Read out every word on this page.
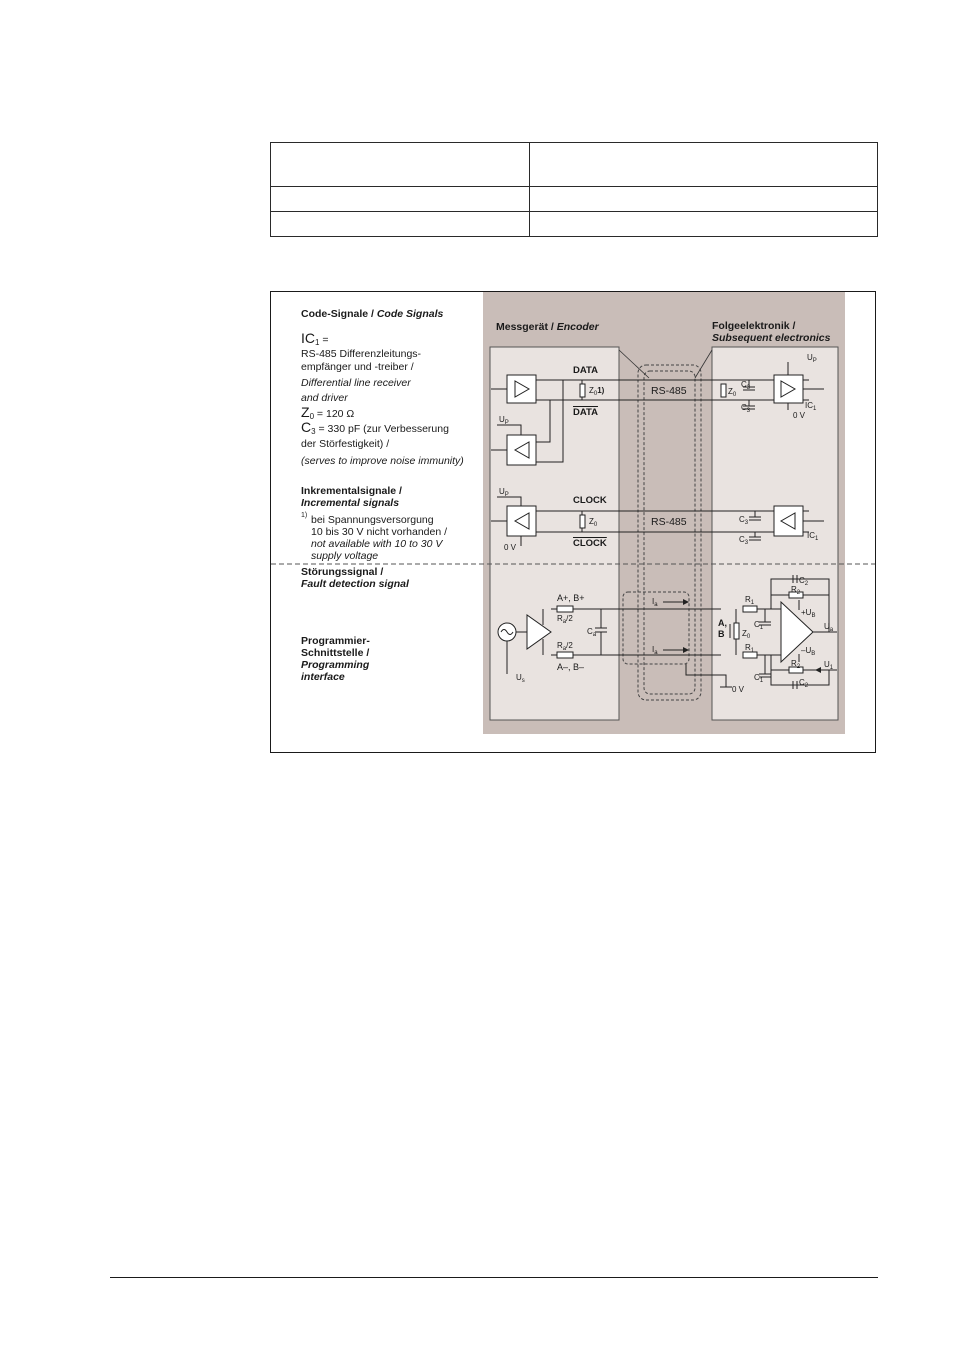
Code-Signale / Code Signals
$IC_1$ =
RS-485 Differenzleitungs-
empfänger und -treiber /
Differential line receiver
and driver
$Z_0 = 120$ Ω
$C_3 = 330$ pF (zur Verbesserung
der Störfestigkeit) /
(serves to improve noise immunity)
Inkrementalsignale /
Incremental signals
1) bei Spannungsversorgung
10 bis 30 V nicht vorhanden /
not available with 10 to 30 V
supply voltage
Störungssignal /
Fault detection signal
Programmier-
Schnittstelle /
Programming
interface
Messgerät / Encoder	Folgeelektronik /
Subsequent electronics
DATA
DATA
CLOCK
CLOCK
RS-485
RS-485
$Z_01$)
$Z_0$
$Z_0$
$C_3$
$C_3$
$C_3$
$C_3$
$IC_1$
$IC_1$
0 V
0 V
0 V
$U_P$
$U_P$
$U_P$
A+, B+
A–, B–
$R_a/2$
$R_a/2$
$C_a$
$I_a$
$I_a$
$U_s$
A,
B $Z_0$
$R_1$
$R_1$
$C_1$
$C_1$
$R_2$
$R_2$
$C_2$
$C_2$
$+U_B$
$-U_B$
$U_a$
$U_1$
